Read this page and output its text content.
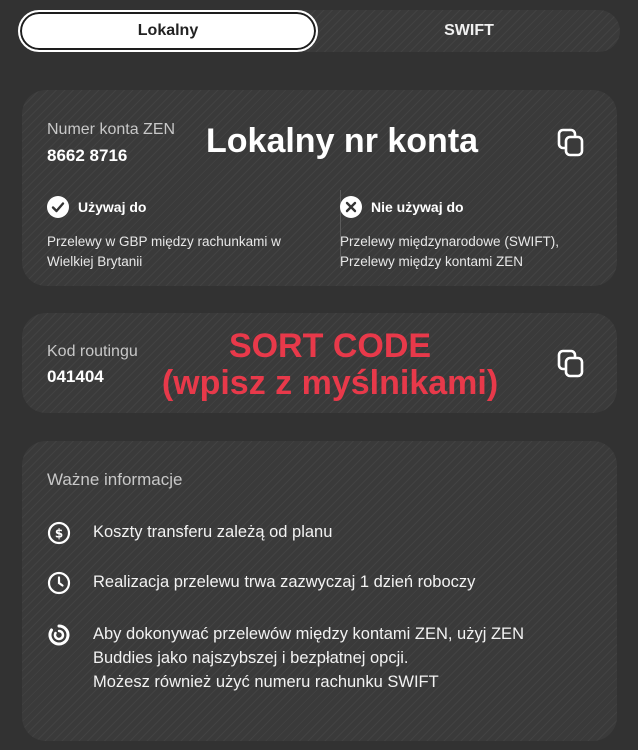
Lokalny	SWIFT
Numer konta ZEN
8662 8716 Lokalny nr konta
Używaj do
Przelewy w GBP między rachunkami w
Wielkiej Brytanii
Nie używaj do
Przelewy międzynarodowe (SWIFT),
Przelewy między kontami ZEN
Kod routingu
041404
SORT CODE
(wpisz z myślnikami)
Ważne informacje
$ Koszty transferu zależą od planu
Realizacja przelewu trwa zazwyczaj 1 dzień roboczy
Aby dokonywać przelewów między kontami ZEN, użyj ZEN
Buddies jako najszybszej i bezpłatnej opcji.
Możesz również użyć numeru rachunku SWIFT
